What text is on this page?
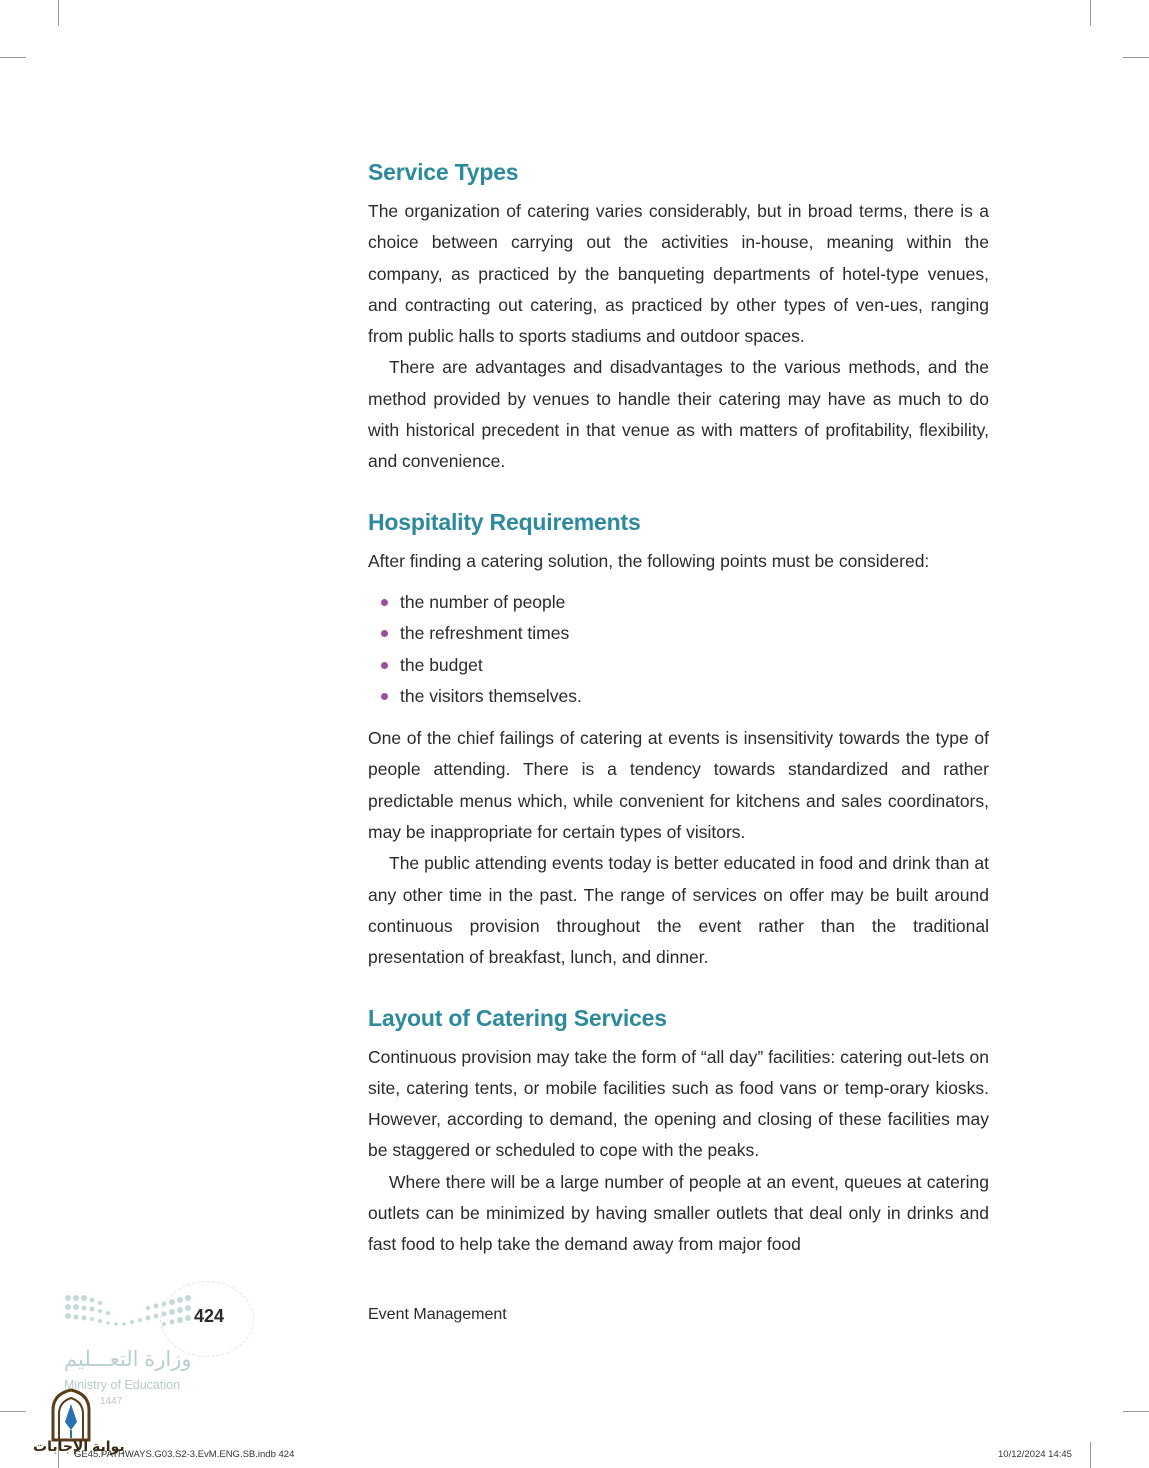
Service Types

The organization of catering varies considerably, but in broad terms, there is a choice between carrying out the activities in-house, meaning within the company, as practiced by the banqueting departments of hotel-type venues, and contracting out catering, as practiced by other types of ven-ues, ranging from public halls to sports stadiums and outdoor spaces.

There are advantages and disadvantages to the various methods, and the method provided by venues to handle their catering may have as much to do with historical precedent in that venue as with matters of profitability, flexibility, and convenience.

Hospitality Requirements

After finding a catering solution, the following points must be considered:

the number of people
the refreshment times
the budget
the visitors themselves.

One of the chief failings of catering at events is insensitivity towards the type of people attending. There is a tendency towards standardized and rather predictable menus which, while convenient for kitchens and sales coordinators, may be inappropriate for certain types of visitors.

The public attending events today is better educated in food and drink than at any other time in the past. The range of services on offer may be built around continuous provision throughout the event rather than the traditional presentation of breakfast, lunch, and dinner.

Layout of Catering Services

Continuous provision may take the form of “all day” facilities: catering out-lets on site, catering tents, or mobile facilities such as food vans or temp-orary kiosks. However, according to demand, the opening and closing of these facilities may be staggered or scheduled to cope with the peaks.

Where there will be a large number of people at an event, queues at catering outlets can be minimized by having smaller outlets that deal only in drinks and fast food to help take the demand away from major food

424	Event Management
وزارة التعـــليم
Ministry of Education
1447
بوابة الإجابات
GE45.PATHWAYS.G03.S2-3.EvM.ENG.SB.indb 424	10/12/2024 14:45
